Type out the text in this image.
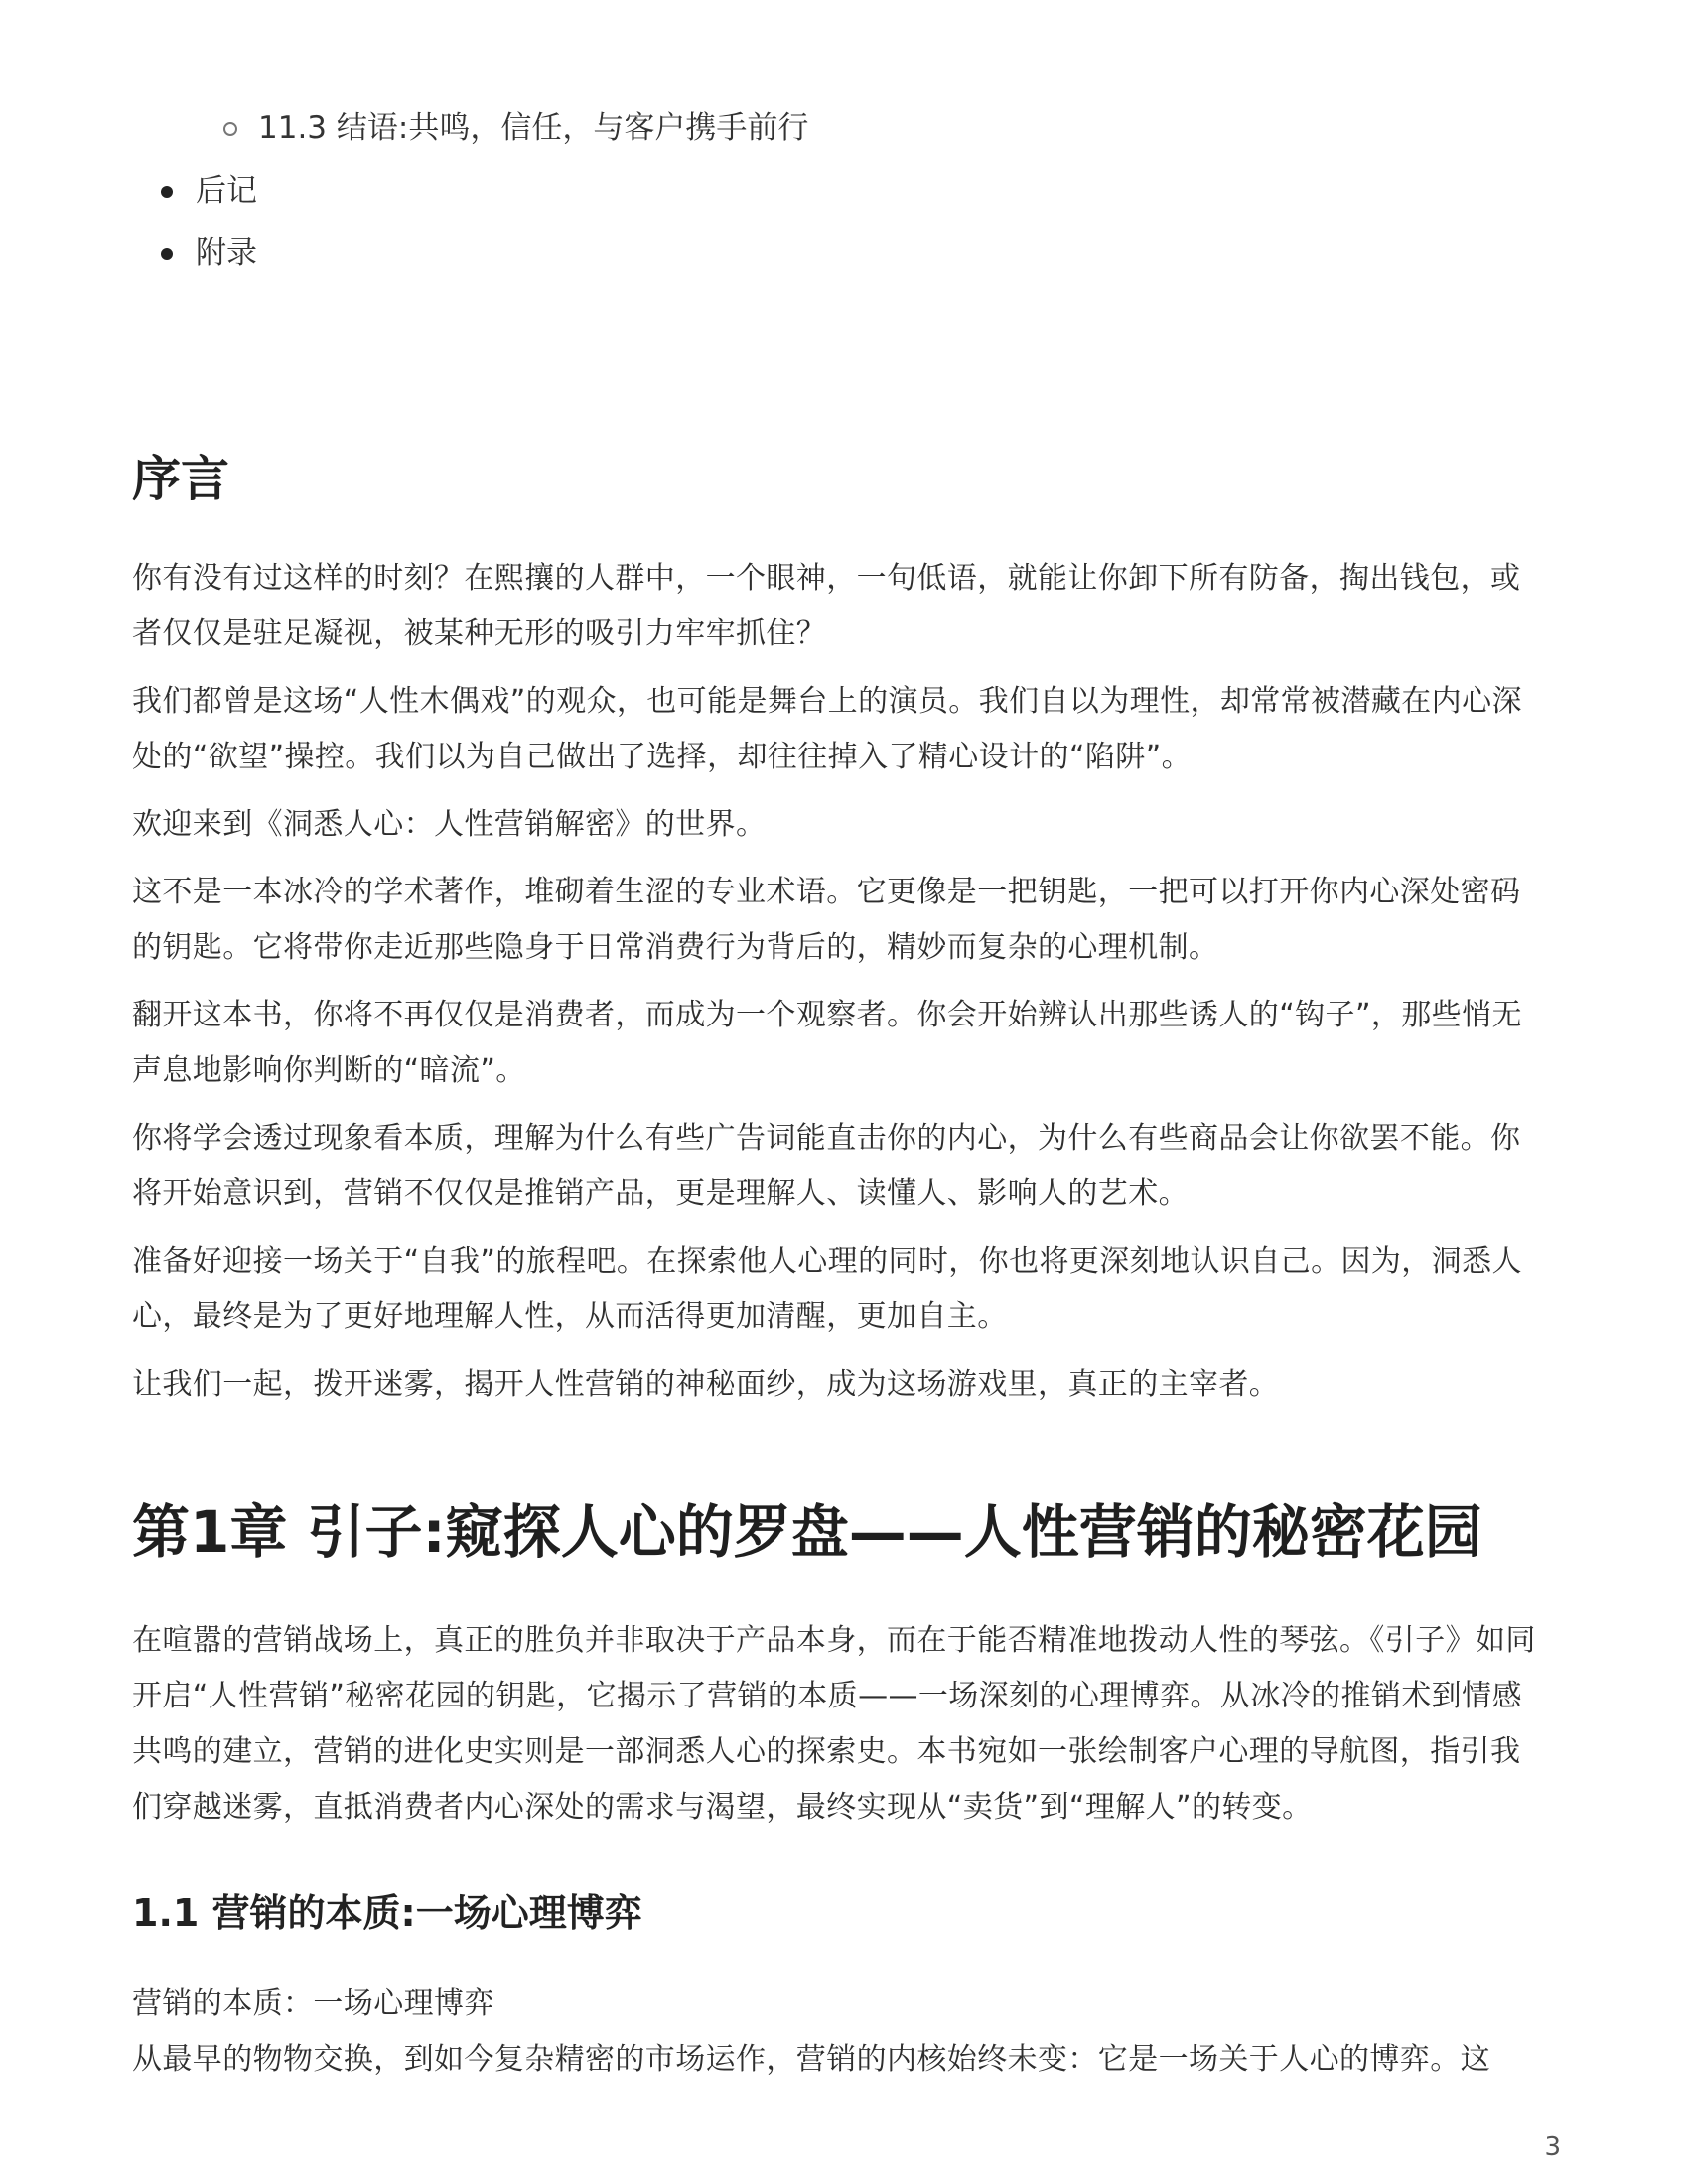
11.3 结语:共鸣，信任，与客户携手前行
后记
附录
序言

你有没有过这样的时刻？在熙攘的人群中，一个眼神，一句低语，就能让你卸下所有防备，掏出钱包，或者仅仅是驻足凝视，被某种无形的吸引力牢牢抓住？

我们都曾是这场“人性木偶戏”的观众，也可能是舞台上的演员。我们自以为理性，却常常被潜藏在内心深处的“欲望”操控。我们以为自己做出了选择，却往往掉入了精心设计的“陷阱”。

欢迎来到《洞悉人心：人性营销解密》的世界。

这不是一本冰冷的学术著作，堆砌着生涩的专业术语。它更像是一把钥匙，一把可以打开你内心深处密码的钥匙。它将带你走近那些隐身于日常消费行为背后的，精妙而复杂的心理机制。

翻开这本书，你将不再仅仅是消费者，而成为一个观察者。你会开始辨认出那些诱人的“钩子”，那些悄无声息地影响你判断的“暗流”。

你将学会透过现象看本质，理解为什么有些广告词能直击你的内心，为什么有些商品会让你欲罢不能。你将开始意识到，营销不仅仅是推销产品，更是理解人、读懂人、影响人的艺术。

准备好迎接一场关于“自我”的旅程吧。在探索他人心理的同时，你也将更深刻地认识自己。因为，洞悉人心，最终是为了更好地理解人性，从而活得更加清醒，更加自主。

让我们一起，拨开迷雾，揭开人性营销的神秘面纱，成为这场游戏里，真正的主宰者。

第1章 引子:窥探人心的罗盘——人性营销的秘密花园

在喧嚣的营销战场上，真正的胜负并非取决于产品本身，而在于能否精准地拨动人性的琴弦。《引子》如同开启“人性营销”秘密花园的钥匙，它揭示了营销的本质——一场深刻的心理博弈。从冰冷的推销术到情感共鸣的建立，营销的进化史实则是一部洞悉人心的探索史。本书宛如一张绘制客户心理的导航图，指引我们穿越迷雾，直抵消费者内心深处的需求与渴望，最终实现从“卖货”到“理解人”的转变。

1.1 营销的本质:一场心理博弈
营销的本质：一场心理博弈
从最早的物物交换，到如今复杂精密的市场运作，营销的内核始终未变：它是一场关于人心的博弈。这
3
